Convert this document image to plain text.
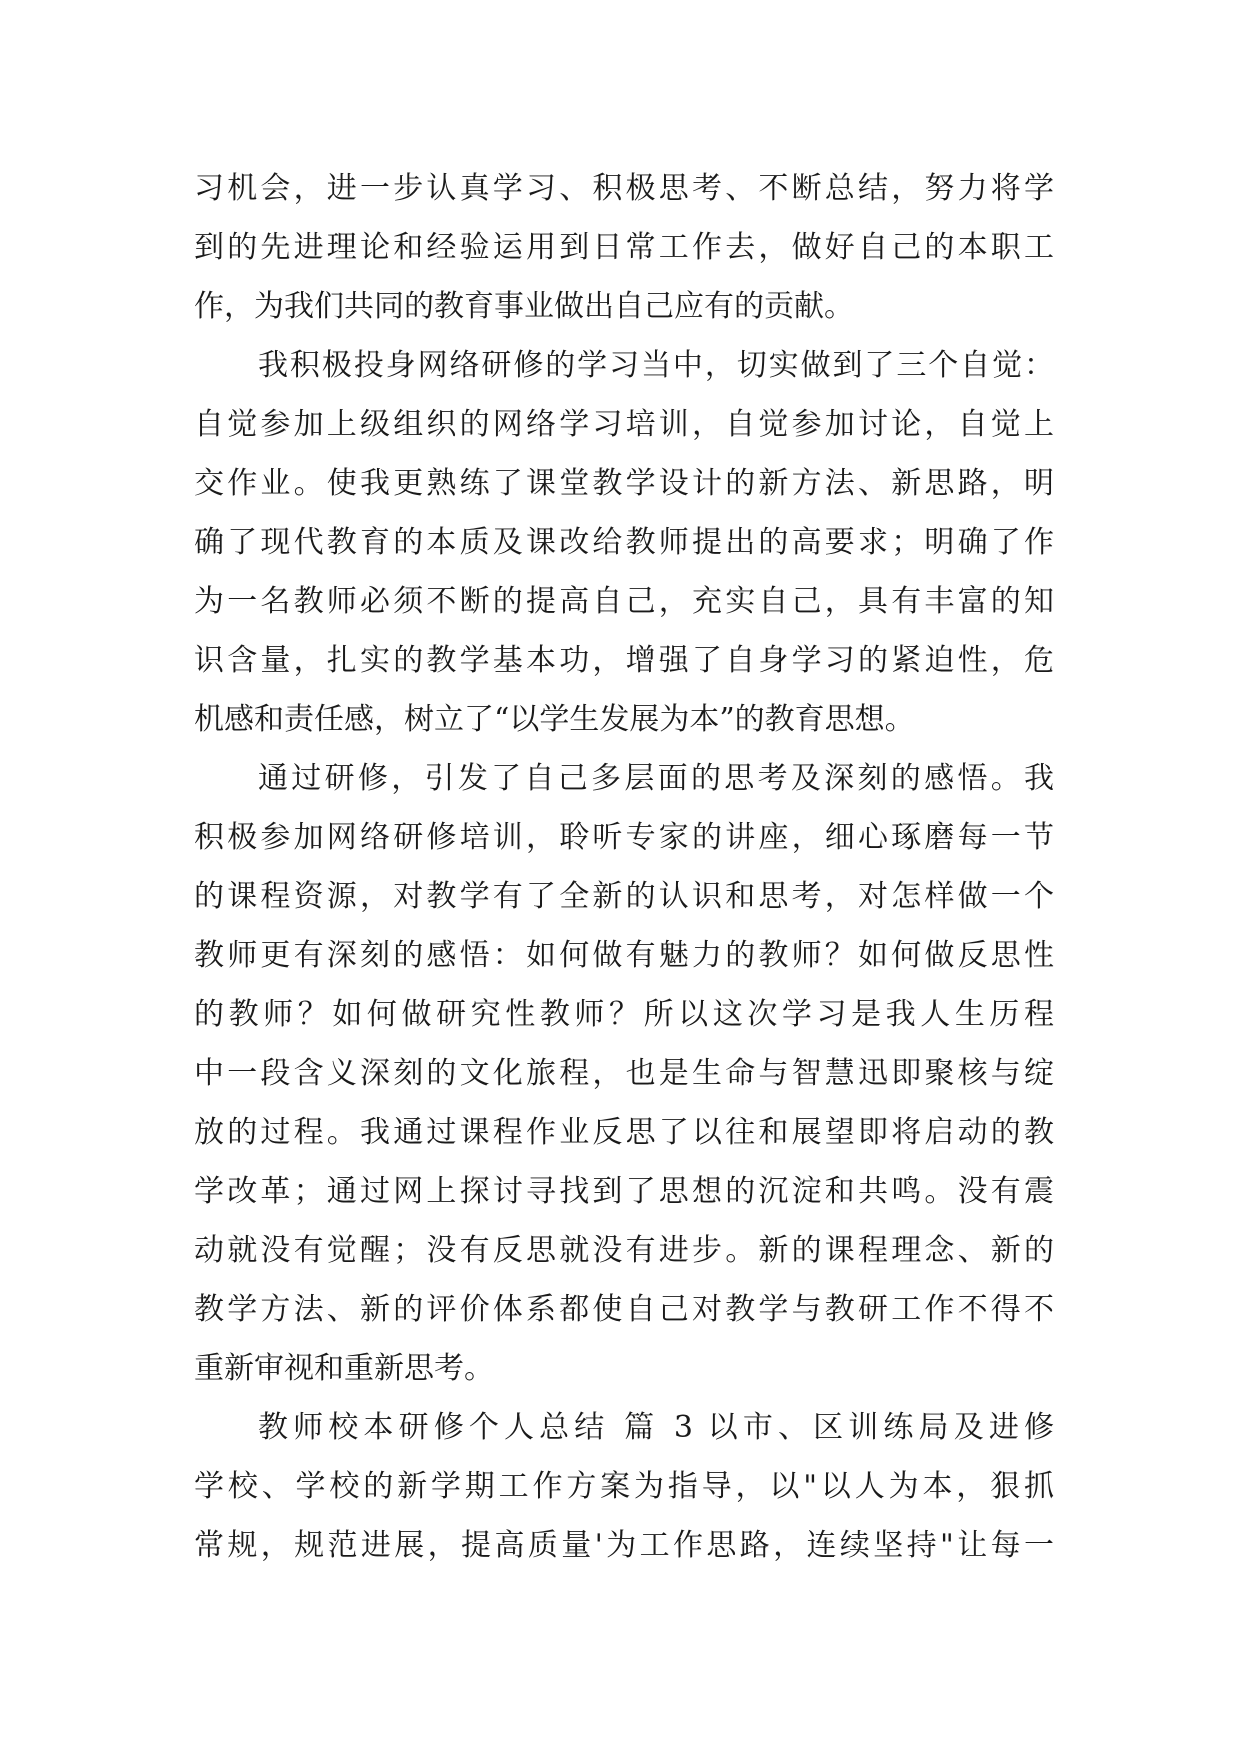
习机会，进一步认真学习、积极思考、不断总结，努力将学
到的先进理论和经验运用到日常工作去，做好自己的本职工
作，为我们共同的教育事业做出自己应有的贡献。
我积极投身网络研修的学习当中，切实做到了三个自觉：
自觉参加上级组织的网络学习培训，自觉参加讨论，自觉上
交作业。使我更熟练了课堂教学设计的新方法、新思路，明
确了现代教育的本质及课改给教师提出的高要求；明确了作
为一名教师必须不断的提高自己，充实自己，具有丰富的知
识含量，扎实的教学基本功，增强了自身学习的紧迫性，危
机感和责任感，树立了“以学生发展为本”的教育思想。
通过研修，引发了自己多层面的思考及深刻的感悟。我
积极参加网络研修培训，聆听专家的讲座，细心琢磨每一节
的课程资源，对教学有了全新的认识和思考，对怎样做一个
教师更有深刻的感悟：如何做有魅力的教师？如何做反思性
的教师？如何做研究性教师？所以这次学习是我人生历程
中一段含义深刻的文化旅程，也是生命与智慧迅即聚核与绽
放的过程。我通过课程作业反思了以往和展望即将启动的教
学改革；通过网上探讨寻找到了思想的沉淀和共鸣。没有震
动就没有觉醒；没有反思就没有进步。新的课程理念、新的
教学方法、新的评价体系都使自己对教学与教研工作不得不
重新审视和重新思考。
教师校本研修个人总结 篇 3 以市、区训练局及进修
学校、学校的新学期工作方案为指导，以"以人为本，狠抓
常规，规范进展，提高质量'为工作思路，连续坚持"让每一
